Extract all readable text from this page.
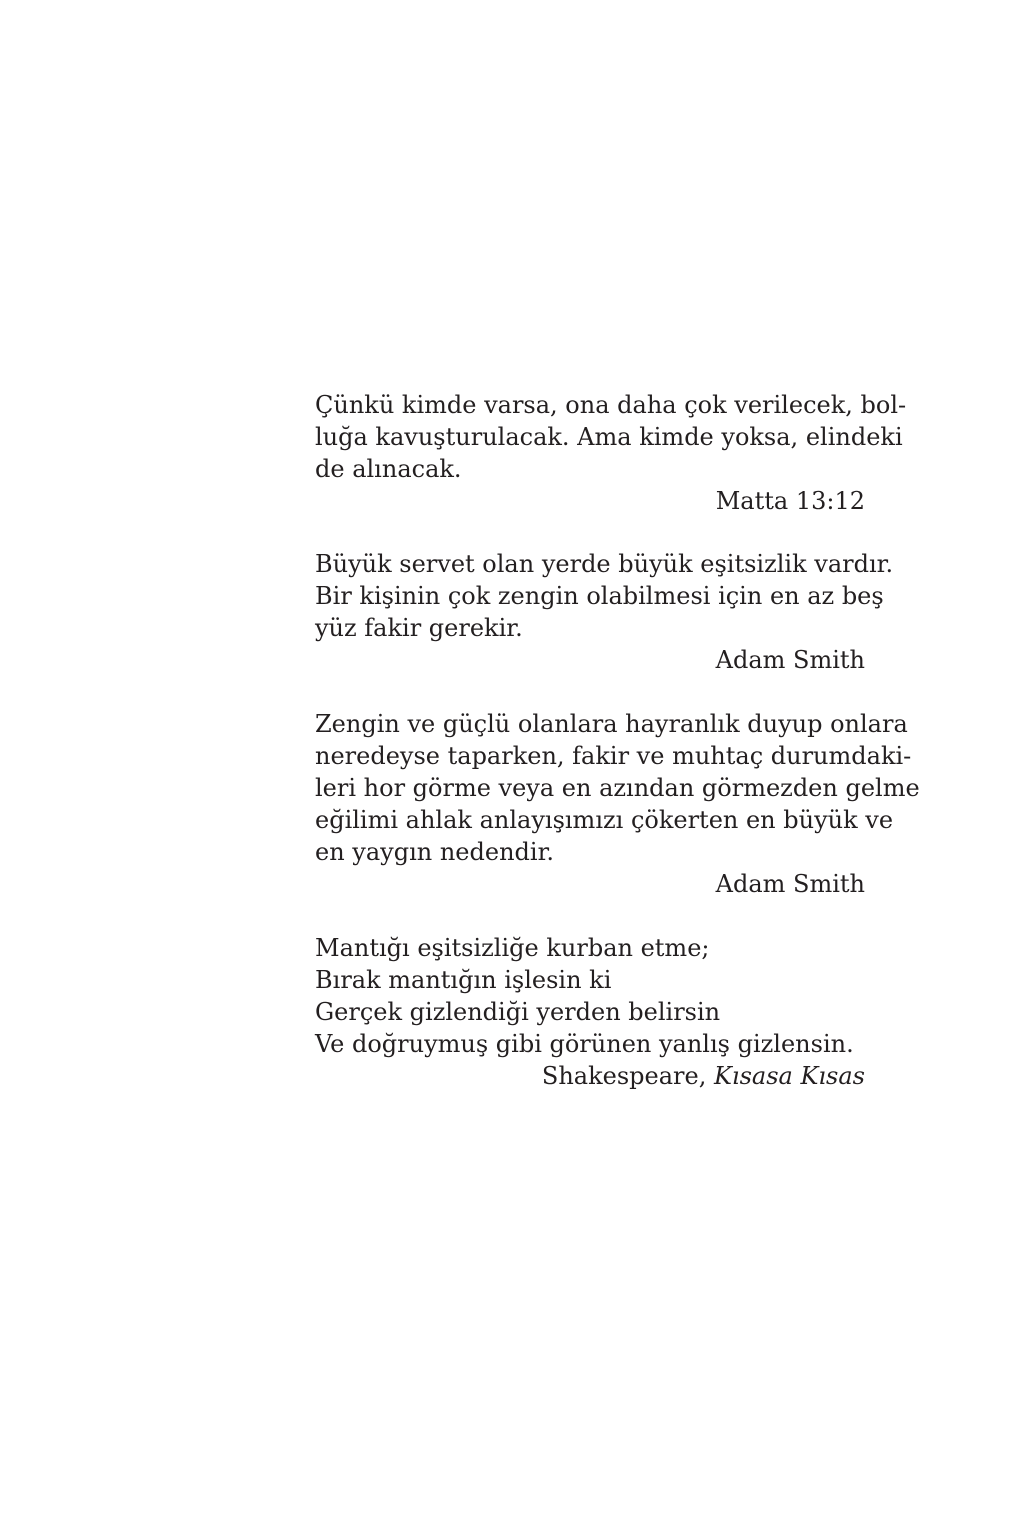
Çünkü kimde varsa, ona daha çok verilecek, bol-
luğa kavuşturulacak. Ama kimde yoksa, elindeki
de alınacak.
Matta 13:12
Büyük servet olan yerde büyük eşitsizlik vardır.
Bir kişinin çok zengin olabilmesi için en az beş
yüz fakir gerekir.
Adam Smith
Zengin ve güçlü olanlara hayranlık duyup onlara
neredeyse taparken, fakir ve muhtaç durumdaki-
leri hor görme veya en azından görmezden gelme
eğilimi ahlak anlayışımızı çökerten en büyük ve
en yaygın nedendir.
Adam Smith
Mantığı eşitsizliğe kurban etme;
Bırak mantığın işlesin ki
Gerçek gizlendiği yerden belirsin
Ve doğruymuş gibi görünen yanlış gizlensin.
Shakespeare, Kısasa Kısas
